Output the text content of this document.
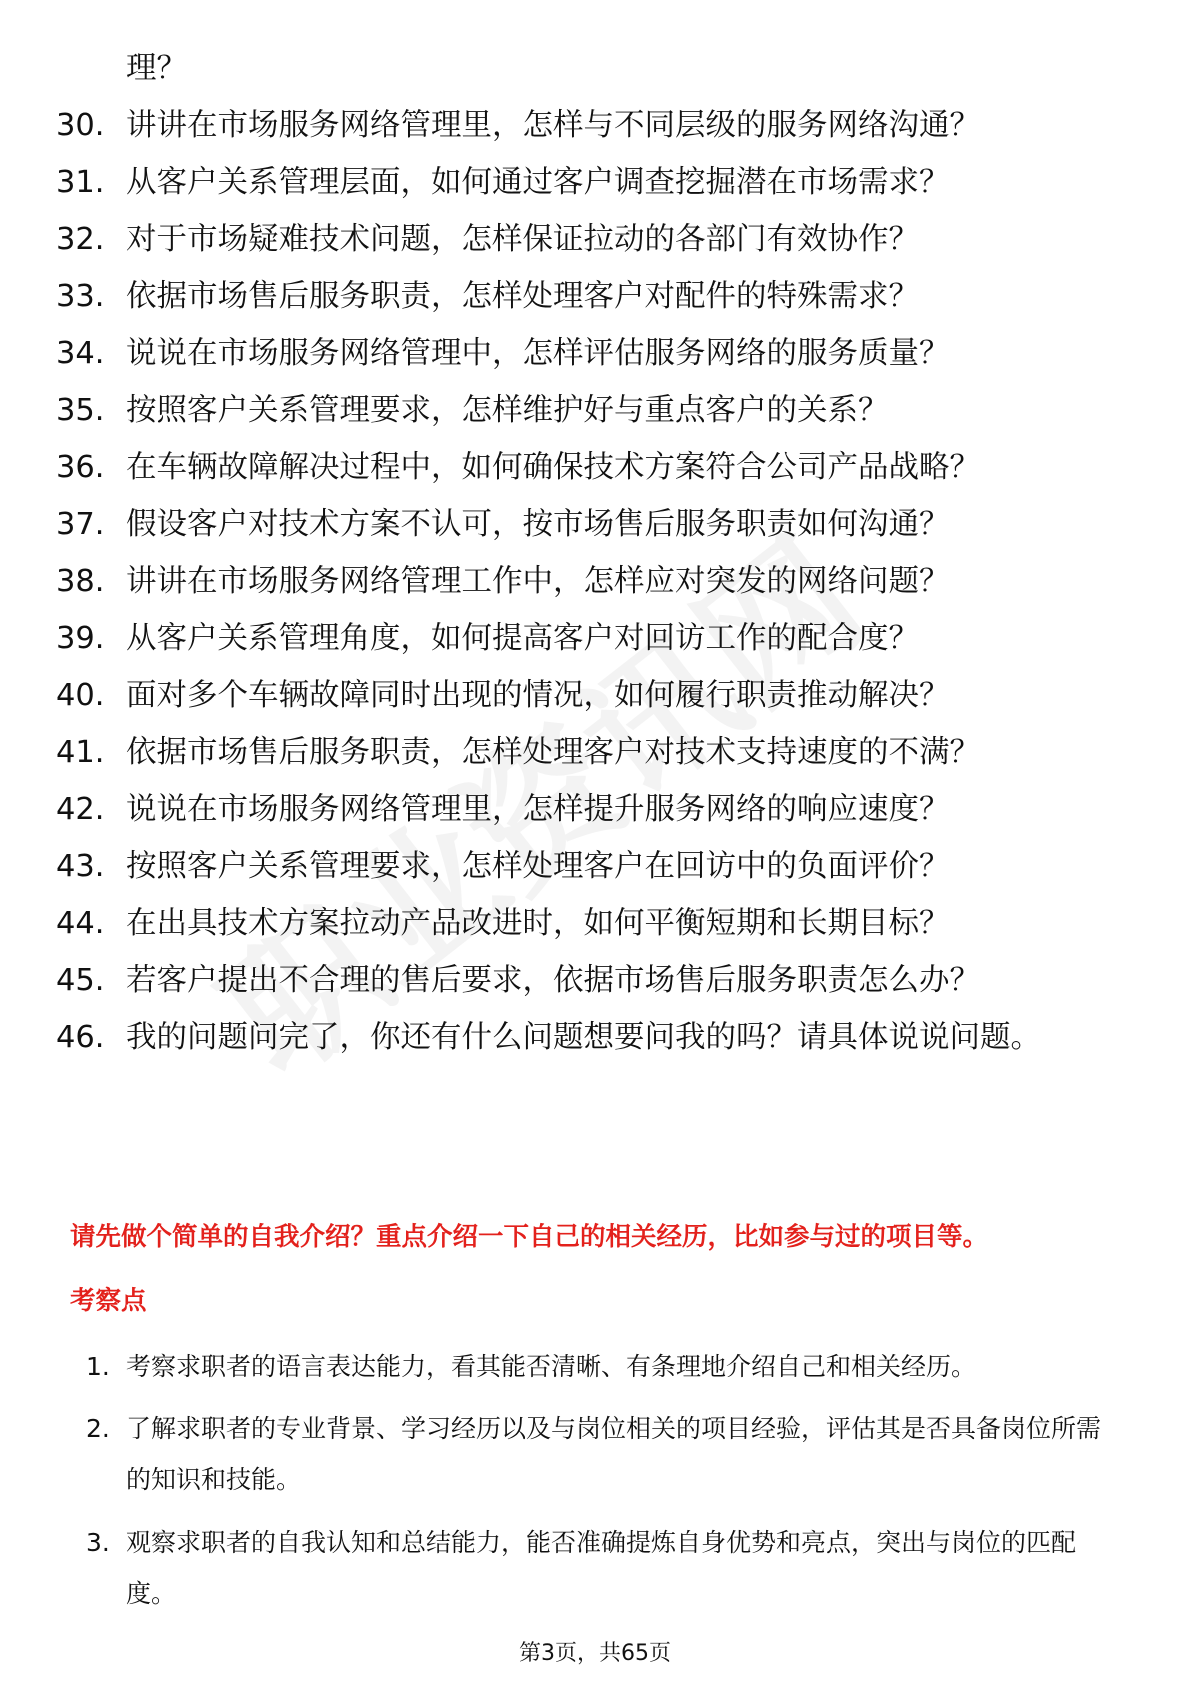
理？
30. 讲讲在市场服务网络管理里，怎样与不同层级的服务网络沟通？
31. 从客户关系管理层面，如何通过客户调查挖掘潜在市场需求？
32. 对于市场疑难技术问题，怎样保证拉动的各部门有效协作？
33. 依据市场售后服务职责，怎样处理客户对配件的特殊需求？
34. 说说在市场服务网络管理中，怎样评估服务网络的服务质量？
35. 按照客户关系管理要求，怎样维护好与重点客户的关系？
36. 在车辆故障解决过程中，如何确保技术方案符合公司产品战略？
37. 假设客户对技术方案不认可，按市场售后服务职责如何沟通？
38. 讲讲在市场服务网络管理工作中，怎样应对突发的网络问题？
39. 从客户关系管理角度，如何提高客户对回访工作的配合度？
40. 面对多个车辆故障同时出现的情况，如何履行职责推动解决？
41. 依据市场售后服务职责，怎样处理客户对技术支持速度的不满？
42. 说说在市场服务网络管理里，怎样提升服务网络的响应速度？
43. 按照客户关系管理要求，怎样处理客户在回访中的负面评价？
44. 在出具技术方案拉动产品改进时，如何平衡短期和长期目标？
45. 若客户提出不合理的售后要求，依据市场售后服务职责怎么办？
46. 我的问题问完了，你还有什么问题想要问我的吗？请具体说说问题。
请先做个简单的自我介绍？重点介绍一下自己的相关经历，比如参与过的项目等。
考察点
1. 考察求职者的语言表达能力，看其能否清晰、有条理地介绍自己和相关经历。
2. 了解求职者的专业背景、学习经历以及与岗位相关的项目经验，评估其是否具备岗位所需的知识和技能。
3. 观察求职者的自我认知和总结能力，能否准确提炼自身优势和亮点，突出与岗位的匹配度。
第3页，共65页
